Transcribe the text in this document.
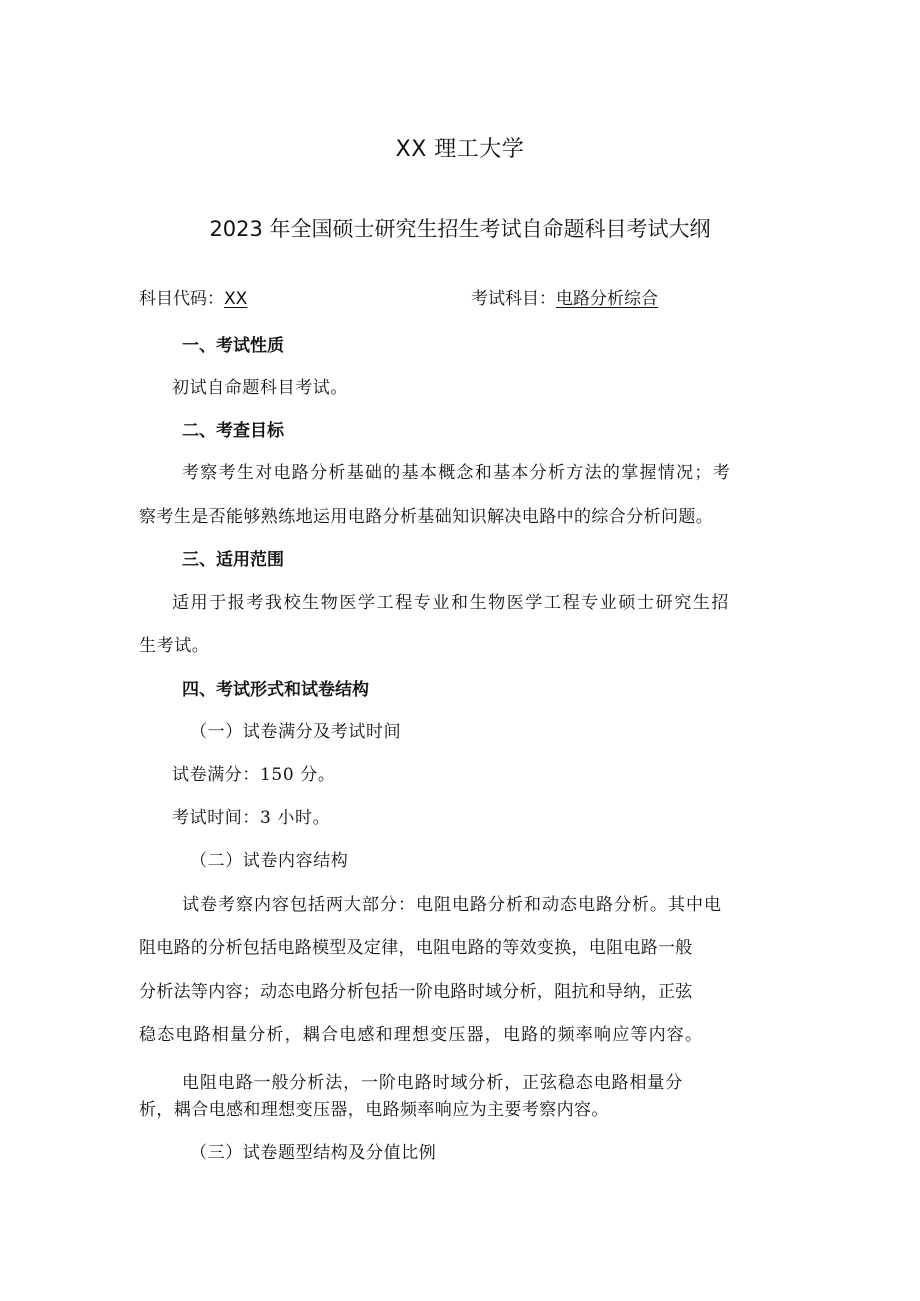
XX 理工大学
2023 年全国硕士研究生招生考试自命题科目考试大纲
科目代码：XX	考试科目：电路分析综合
一、考试性质
初试自命题科目考试。
二、考查目标
考察考生对电路分析基础的基本概念和基本分析方法的掌握情况；考
察考生是否能够熟练地运用电路分析基础知识解决电路中的综合分析问题。
三、适用范围
适用于报考我校生物医学工程专业和生物医学工程专业硕士研究生招
生考试。
四、考试形式和试卷结构
（一）试卷满分及考试时间
试卷满分：150 分。
考试时间：3 小时。
（二）试卷内容结构
试卷考察内容包括两大部分：电阻电路分析和动态电路分析。其中电
阻电路的分析包括电路模型及定律，电阻电路的等效变换，电阻电路一般
分析法等内容；动态电路分析包括一阶电路时域分析，阻抗和导纳，正弦
稳态电路相量分析，耦合电感和理想变压器，电路的频率响应等内容。
电阻电路一般分析法，一阶电路时域分析，正弦稳态电路相量分
析，耦合电感和理想变压器，电路频率响应为主要考察内容。
（三）试卷题型结构及分值比例
